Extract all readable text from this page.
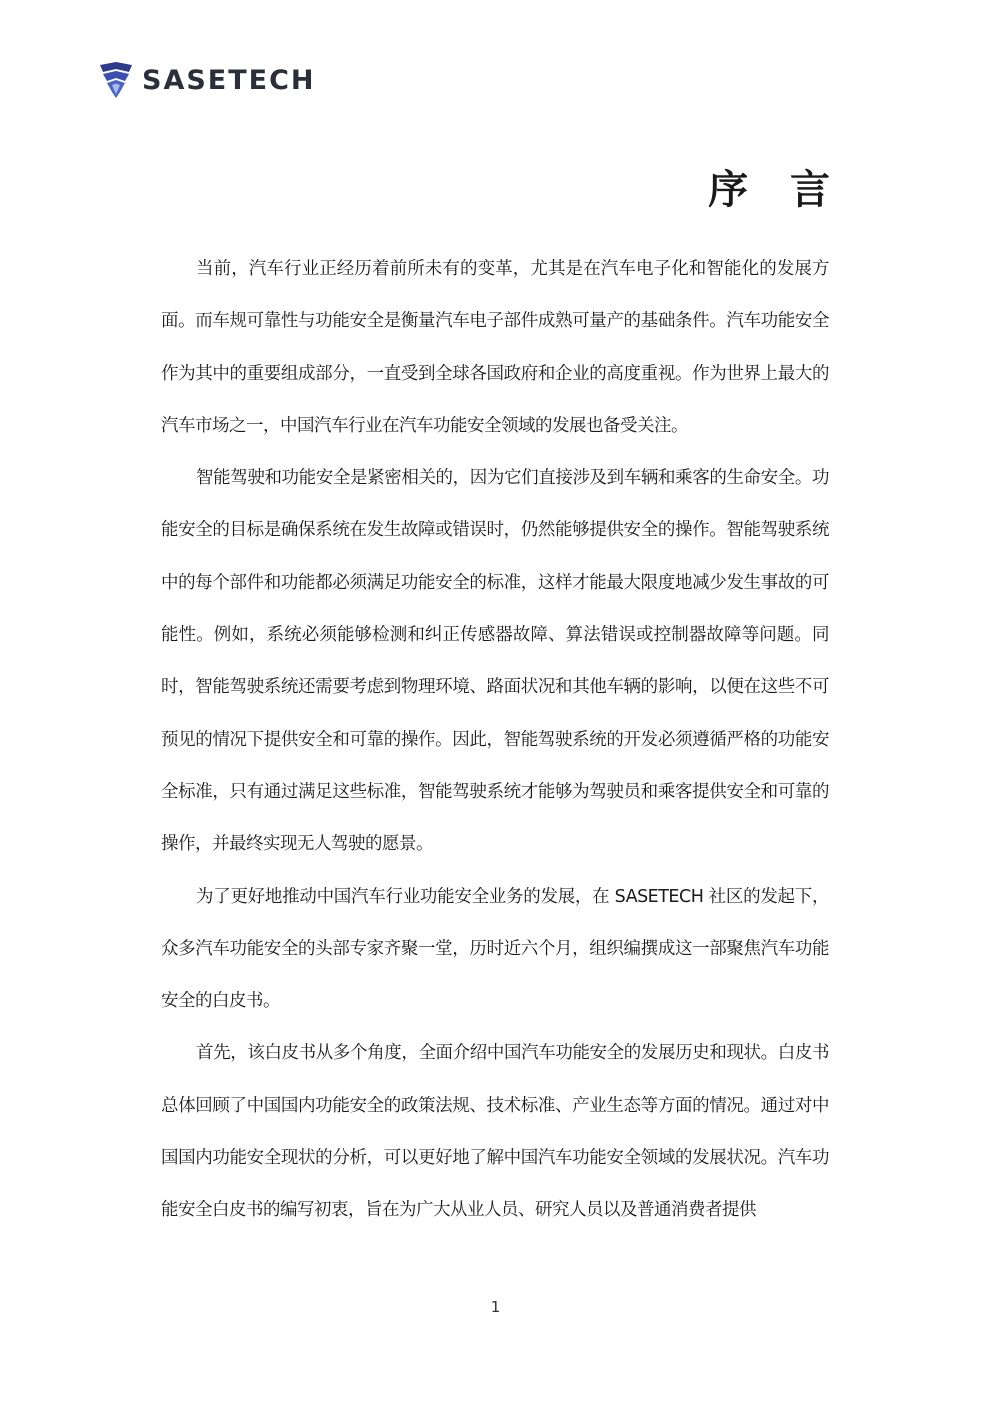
SASETECH
序 言

当前，汽车行业正经历着前所未有的变革，尤其是在汽车电子化和智能化的发展方面。而车规可靠性与功能安全是衡量汽车电子部件成熟可量产的基础条件。汽车功能安全作为其中的重要组成部分，一直受到全球各国政府和企业的高度重视。作为世界上最大的汽车市场之一，中国汽车行业在汽车功能安全领域的发展也备受关注。

智能驾驶和功能安全是紧密相关的，因为它们直接涉及到车辆和乘客的生命安全。功能安全的目标是确保系统在发生故障或错误时，仍然能够提供安全的操作。智能驾驶系统中的每个部件和功能都必须满足功能安全的标准，这样才能最大限度地减少发生事故的可能性。例如，系统必须能够检测和纠正传感器故障、算法错误或控制器故障等问题。同时，智能驾驶系统还需要考虑到物理环境、路面状况和其他车辆的影响，以便在这些不可预见的情况下提供安全和可靠的操作。因此，智能驾驶系统的开发必须遵循严格的功能安全标准，只有通过满足这些标准，智能驾驶系统才能够为驾驶员和乘客提供安全和可靠的操作，并最终实现无人驾驶的愿景。

为了更好地推动中国汽车行业功能安全业务的发展，在 SASETECH 社区的发起下，众多汽车功能安全的头部专家齐聚一堂，历时近六个月，组织编撰成这一部聚焦汽车功能安全的白皮书。

首先，该白皮书从多个角度，全面介绍中国汽车功能安全的发展历史和现状。白皮书总体回顾了中国国内功能安全的政策法规、技术标准、产业生态等方面的情况。通过对中国国内功能安全现状的分析，可以更好地了解中国汽车功能安全领域的发展状况。汽车功能安全白皮书的编写初衷，旨在为广大从业人员、研究人员以及普通消费者提供

1
